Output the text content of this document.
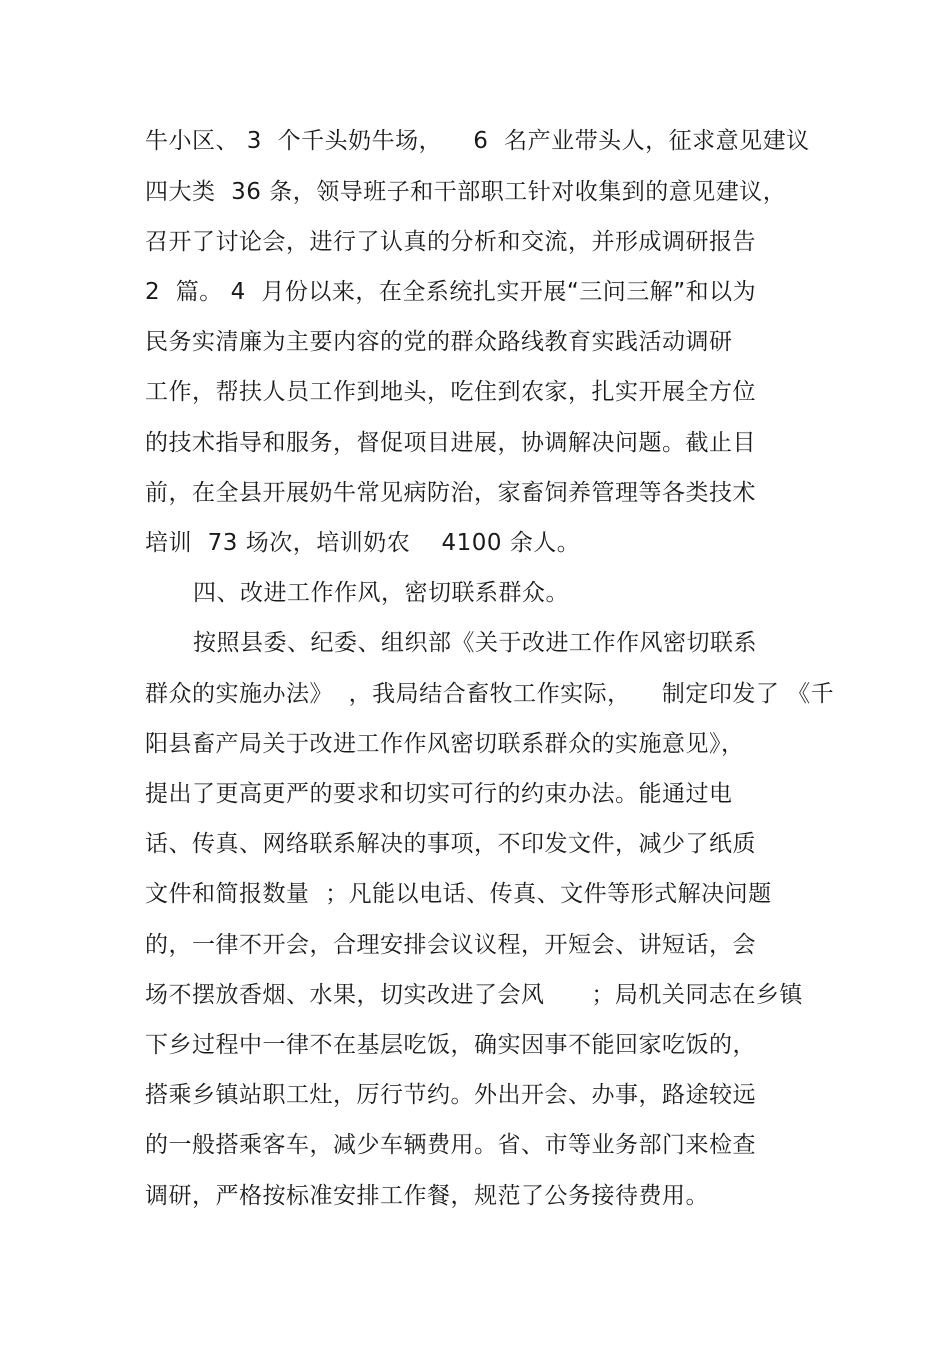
牛小区、 3  个千头奶牛场，    6  名产业带头人，征求意见建议
四大类  36 条，领导班子和干部职工针对收集到的意见建议，
召开了讨论会，进行了认真的分析和交流，并形成调研报告
2  篇。 4  月份以来，在全系统扎实开展“三问三解”和以为
民务实清廉为主要内容的党的群众路线教育实践活动调研
工作，帮扶人员工作到地头，吃住到农家，扎实开展全方位
的技术指导和服务，督促项目进展，协调解决问题。截止目
前，在全县开展奶牛常见病防治，家畜饲养管理等各类技术
培训  73 场次，培训奶农    4100 余人。
四、改进工作作风，密切联系群众。
按照县委、纪委、组织部《关于改进工作作风密切联系
群众的实施办法》  ，我局结合畜牧工作实际，    制定印发了 《千
阳县畜产局关于改进工作作风密切联系群众的实施意见》，
提出了更高更严的要求和切实可行的约束办法。能通过电
话、传真、网络联系解决的事项，不印发文件，减少了纸质
文件和简报数量  ；凡能以电话、传真、文件等形式解决问题
的，一律不开会，合理安排会议议程，开短会、讲短话，会
场不摆放香烟、水果，切实改进了会风      ；局机关同志在乡镇
下乡过程中一律不在基层吃饭，确实因事不能回家吃饭的，
搭乘乡镇站职工灶，厉行节约。外出开会、办事，路途较远
的一般搭乘客车，减少车辆费用。省、市等业务部门来检查
调研，严格按标准安排工作餐，规范了公务接待费用。
